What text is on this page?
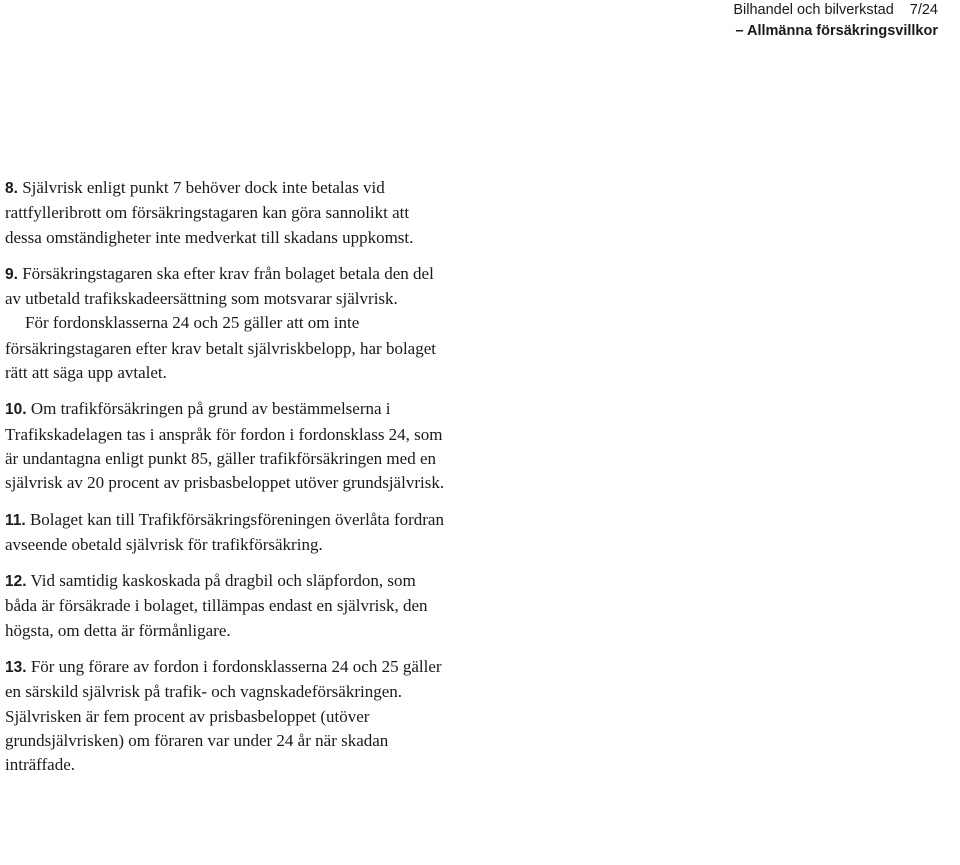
Bilhandel och bilverkstad 7/24
– Allmänna försäkringsvillkor

8. Självrisk enligt punkt 7 behöver dock inte betalas vid rattfylleribrott om försäkringstagaren kan göra sannolikt att dessa omständigheter inte medverkat till skadans uppkomst.

9. Försäkringstagaren ska efter krav från bolaget betala den del av utbetald trafikskadeersättning som motsvarar självrisk.

För fordonsklasserna 24 och 25 gäller att om inte försäkringstagaren efter krav betalt självriskbelopp, har bolaget rätt att säga upp avtalet.

10. Om trafikförsäkringen på grund av bestämmelserna i Trafikskadelagen tas i anspråk för fordon i fordonsklass 24, som är undantagna enligt punkt 85, gäller trafikförsäkringen med en självrisk av 20 procent av prisbasbeloppet utöver grundsjälvrisk.

11. Bolaget kan till Trafikförsäkringsföreningen överlåta fordran avseende obetald självrisk för trafikförsäkring.

12. Vid samtidig kaskoskada på dragbil och släpfordon, som båda är försäkrade i bolaget, tillämpas endast en självrisk, den högsta, om detta är förmånligare.

13. För ung förare av fordon i fordonsklasserna 24 och 25 gäller en särskild självrisk på trafik- och vagnskadeförsäkringen. Självrisken är fem procent av prisbasbeloppet (utöver grundsjälvrisken) om föraren var under 24 år när skadan inträffade.
